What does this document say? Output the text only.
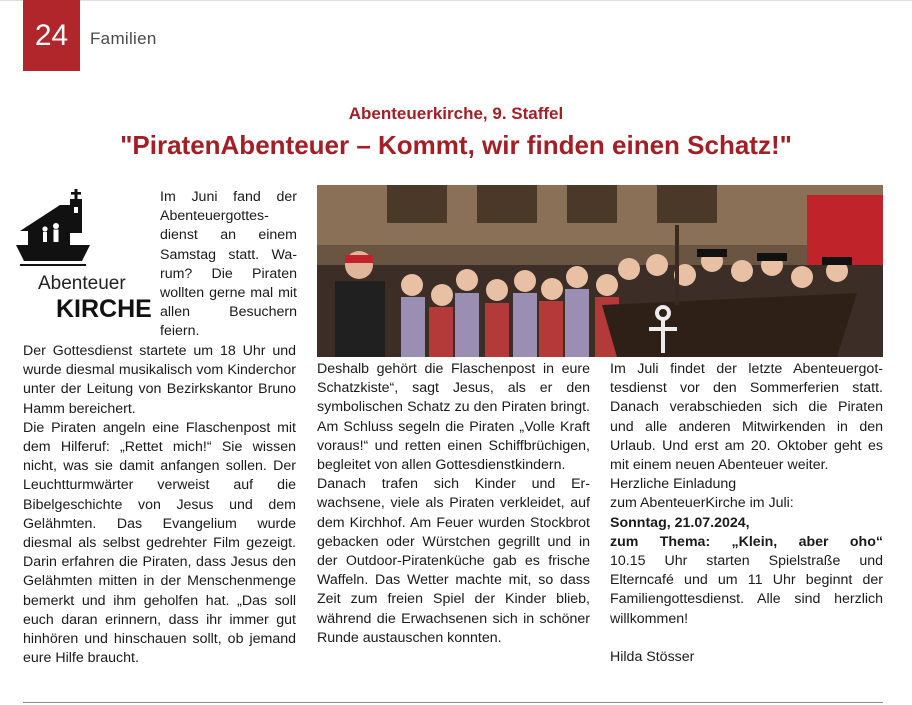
24	Familien
Abenteuerkirche, 9. Staffel
"PiratenAbenteuer – Kommt, wir finden einen Schatz!"
Abenteuer
KIRCHE

Im Juni fand der Abenteuergottesdienst an einem Samstag statt. Warum? Die Piraten wollten gerne mal mit allen Besuchern feiern.

Der Gottesdienst startete um 18 Uhr und wurde diesmal musikalisch vom Kinderchor unter der Leitung von Bezirkskantor Bruno Hamm bereichert.

Die Piraten angeln eine Flaschenpost mit dem Hilferuf: „Rettet mich!“ Sie wissen nicht, was sie damit anfangen sollen. Der Leuchtturmwärter verweist auf die Bibelgeschichte von Jesus und dem Gelähmten. Das Evangelium wurde diesmal als selbst gedrehter Film gezeigt. Darin erfahren die Piraten, dass Jesus den Gelähmten mitten in der Menschenmenge bemerkt und ihm geholfen hat. „Das soll euch daran erinnern, dass ihr immer gut hinhören und hinschauen sollt, ob jemand eure Hilfe braucht.

Deshalb gehört die Flaschenpost in eure Schatzkiste“, sagt Jesus, als er den symbolischen Schatz zu den Piraten bringt. Am Schluss segeln die Piraten „Volle Kraft voraus!“ und retten einen Schiffbrüchigen, begleitet von allen Gottesdienstkindern.

Danach trafen sich Kinder und Erwachsene, viele als Piraten verkleidet, auf dem Kirchhof. Am Feuer wurden Stockbrot gebacken oder Würstchen gegrillt und in der Outdoor-Piratenküche gab es frische Waffeln. Das Wetter machte mit, so dass Zeit zum freien Spiel der Kinder blieb, während die Erwachsenen sich in schöner Runde austauschen konnten.

Im Juli findet der letzte Abenteuergottesdienst vor den Sommerferien statt. Danach verabschieden sich die Piraten und alle anderen Mitwirkenden in den Urlaub. Und erst am 20. Oktober geht es mit einem neuen Abenteuer weiter.

Herzliche Einladung

zum AbenteuerKirche im Juli:

Sonntag, 21.07.2024,

zum Thema: „Klein, aber oho“

10.15 Uhr starten Spielstraße und Elterncafé und um 11 Uhr beginnt der Familiengottesdienst. Alle sind herzlich willkommen!

Hilda Stösser
